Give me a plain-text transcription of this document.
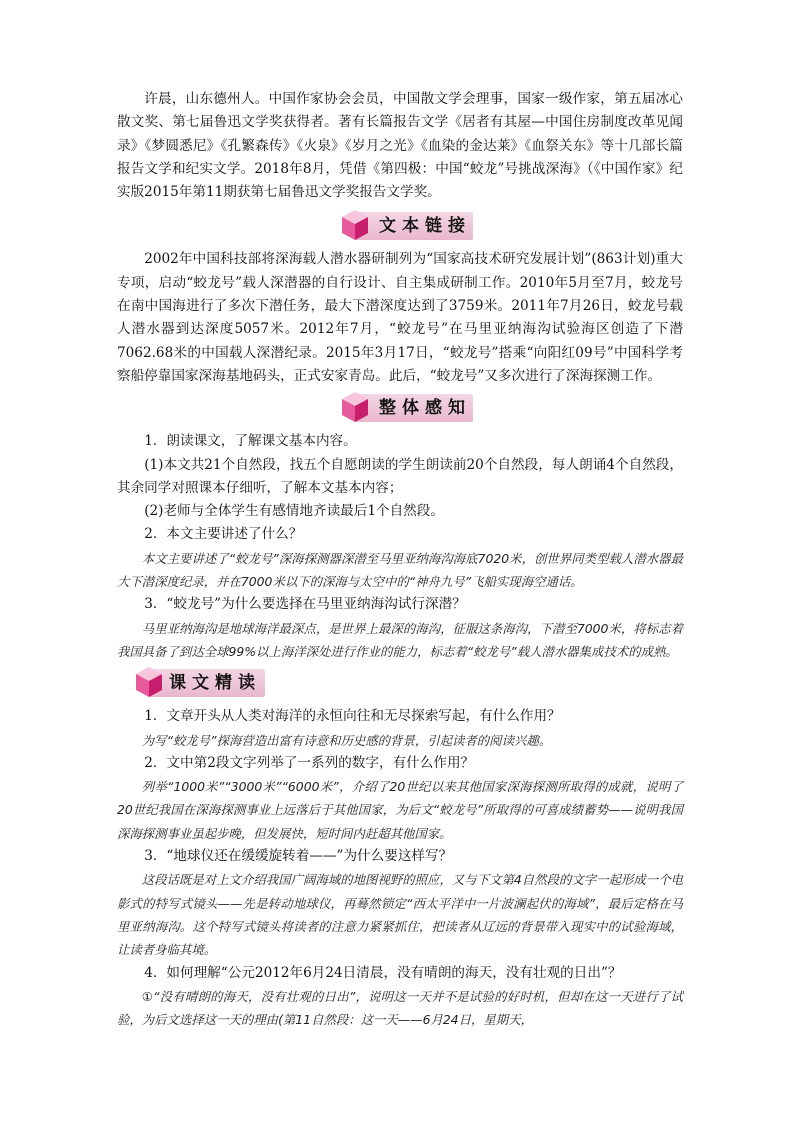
许晨，山东德州人。中国作家协会会员，中国散文学会理事，国家一级作家，第五届冰心散文奖、第七届鲁迅文学奖获得者。著有长篇报告文学《居者有其屋—中国住房制度改革见闻录》《梦圆悉尼》《孔繁森传》《火泉》《岁月之光》《血染的金达莱》《血祭关东》等十几部长篇报告文学和纪实文学。2018年8月，凭借《第四极：中国“蛟龙”号挑战深海》（《中国作家》纪实版2015年第11期获第七届鲁迅文学奖报告文学奖。

文本链接

2002年中国科技部将深海载人潜水器研制列为“国家高技术研究发展计划”(863计划)重大专项，启动“蛟龙号”载人深潜器的自行设计、自主集成研制工作。2010年5月至7月，蛟龙号在南中国海进行了多次下潜任务，最大下潜深度达到了3759米。2011年7月26日，蛟龙号载人潜水器到达深度5057米。2012年7月，“蛟龙号”在马里亚纳海沟试验海区创造了下潜7062.68米的中国载人深潜纪录。2015年3月17日，“蛟龙号”搭乘“向阳红09号”中国科学考察船停靠国家深海基地码头，正式安家青岛。此后，“蛟龙号”又多次进行了深海探测工作。

整体感知

1．朗读课文，了解课文基本内容。

(1)本文共21个自然段，找五个自愿朗读的学生朗读前20个自然段，每人朗诵4个自然段，其余同学对照课本仔细听，了解本文基本内容；

(2)老师与全体学生有感情地齐读最后1个自然段。

2．本文主要讲述了什么？

本文主要讲述了“蛟龙号”深海探测器深潜至马里亚纳海沟海底7020米，创世界同类型载人潜水器最大下潜深度纪录，并在7000米以下的深海与太空中的“神舟九号”飞船实现海空通话。

3．“蛟龙号”为什么要选择在马里亚纳海沟试行深潜？

马里亚纳海沟是地球海洋最深点，是世界上最深的海沟，征服这条海沟，下潜至7000米，将标志着我国具备了到达全球99%以上海洋深处进行作业的能力，标志着“蛟龙号”载人潜水器集成技术的成熟。

课文精读

1．文章开头从人类对海洋的永恒向往和无尽探索写起，有什么作用？

为写“蛟龙号”探海营造出富有诗意和历史感的背景，引起读者的阅读兴趣。

2．文中第2段文字列举了一系列的数字，有什么作用？

列举“1000米”“3000米”“6000米”，介绍了20世纪以来其他国家深海探测所取得的成就，说明了20世纪我国在深海探测事业上远落后于其他国家，为后文“蛟龙号”所取得的可喜成绩蓄势——说明我国深海探测事业虽起步晚，但发展快，短时间内赶超其他国家。

3．“地球仪还在缓缓旋转着——”为什么要这样写？

这段话既是对上文介绍我国广阔海域的地图视野的照应，又与下文第4自然段的文字一起形成一个电影式的特写式镜头——先是转动地球仪，再蓦然锁定“西太平洋中一片波澜起伏的海域”，最后定格在马里亚纳海沟。这个特写式镜头将读者的注意力紧紧抓住，把读者从辽远的背景带入现实中的试验海域，让读者身临其境。

4．如何理解“公元2012年6月24日清晨，没有晴朗的海天，没有壮观的日出”？

①“没有晴朗的海天，没有壮观的日出”，说明这一天并不是试验的好时机，但却在这一天进行了试验，为后文选择这一天的理由(第11自然段：这一天——6月24日，星期天，
